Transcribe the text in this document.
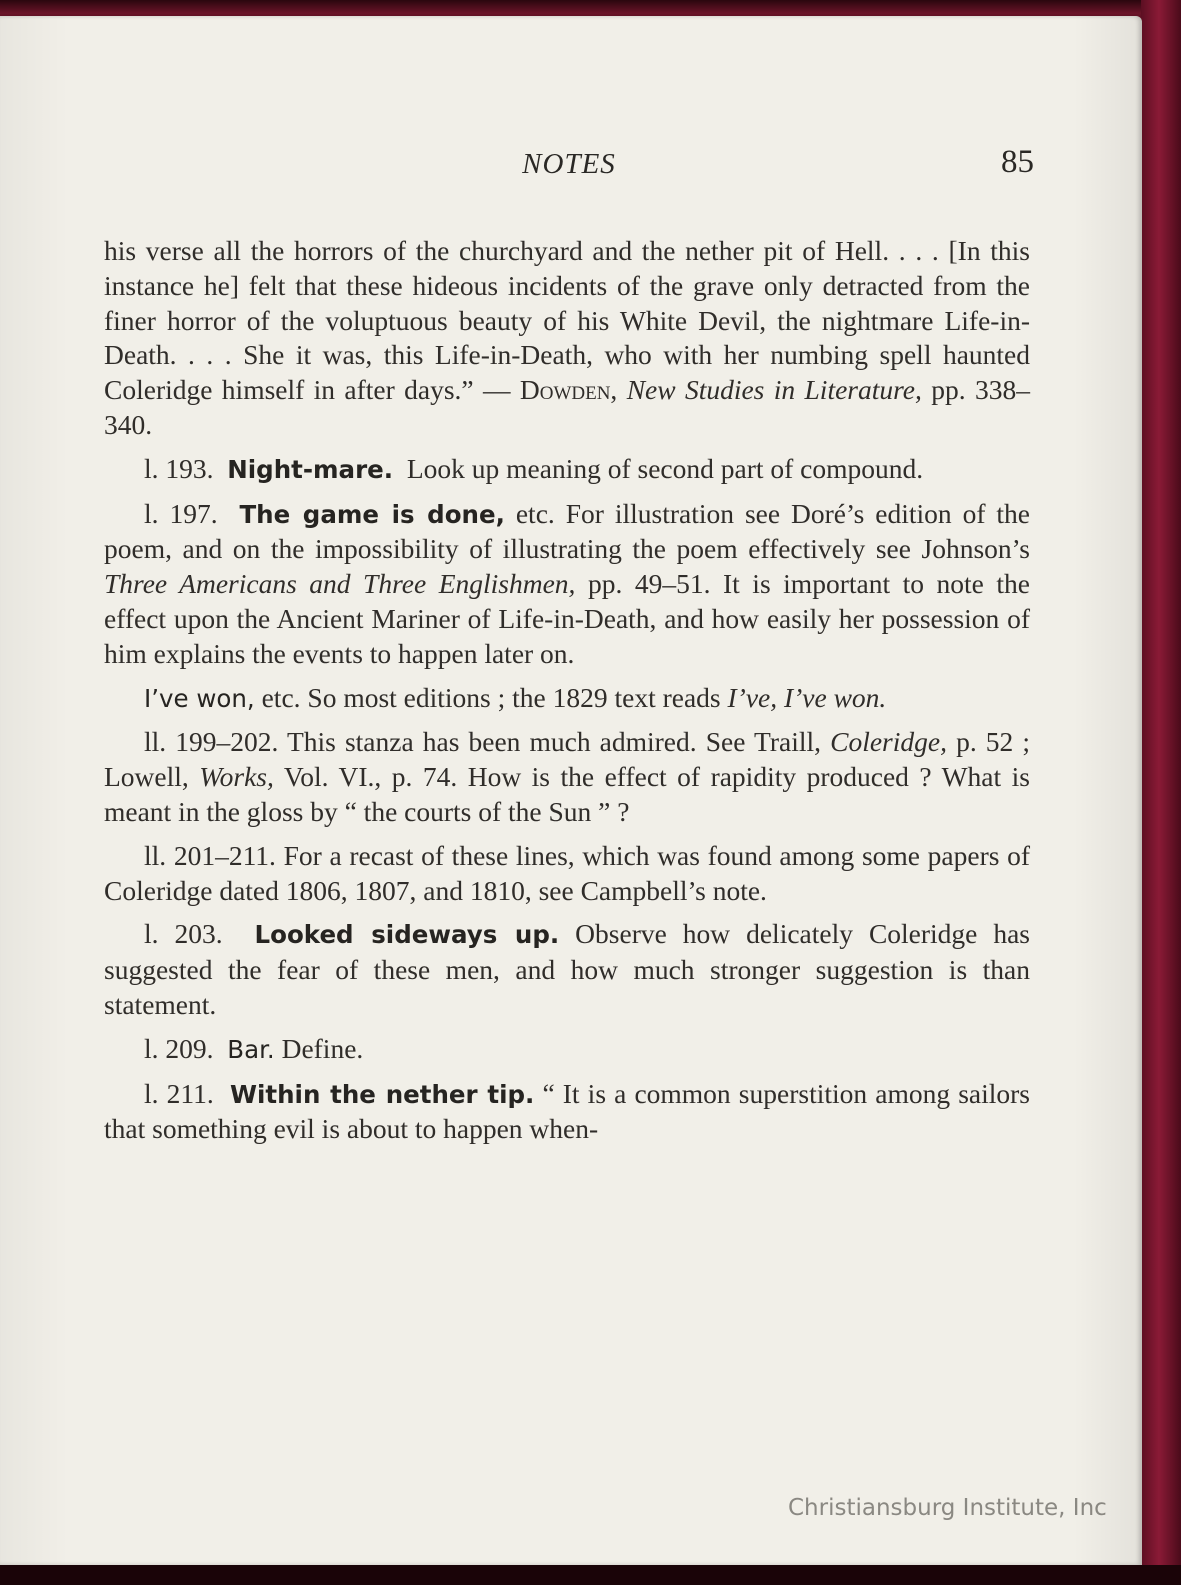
NOTES	85

his verse all the horrors of the churchyard and the nether pit of Hell. . . . [In this instance he] felt that these hideous incidents of the grave only detracted from the finer horror of the voluptuous beauty of his White Devil, the nightmare Life-in-Death. . . . She it was, this Life-in-Death, who with her numbing spell haunted Coleridge himself in after days.” — Dowden, New Studies in Literature, pp. 338–340.

l. 193. Night-mare. Look up meaning of second part of compound.

l. 197. The game is done, etc. For illustration see Doré’s edition of the poem, and on the impossibility of illustrating the poem effectively see Johnson’s Three Americans and Three Englishmen, pp. 49–51. It is important to note the effect upon the Ancient Mariner of Life-in-Death, and how easily her possession of him explains the events to happen later on.

I’ve won, etc. So most editions ; the 1829 text reads I’ve, I’ve won.

ll. 199–202. This stanza has been much admired. See Traill, Coleridge, p. 52 ; Lowell, Works, Vol. VI., p. 74. How is the effect of rapidity produced ? What is meant in the gloss by “ the courts of the Sun ” ?

ll. 201–211. For a recast of these lines, which was found among some papers of Coleridge dated 1806, 1807, and 1810, see Campbell’s note.

l. 203. Looked sideways up. Observe how delicately Coleridge has suggested the fear of these men, and how much stronger suggestion is than statement.

l. 209. Bar. Define.

l. 211. Within the nether tip. “ It is a common superstition among sailors that something evil is about to happen when-

Christiansburg Institute, Inc
